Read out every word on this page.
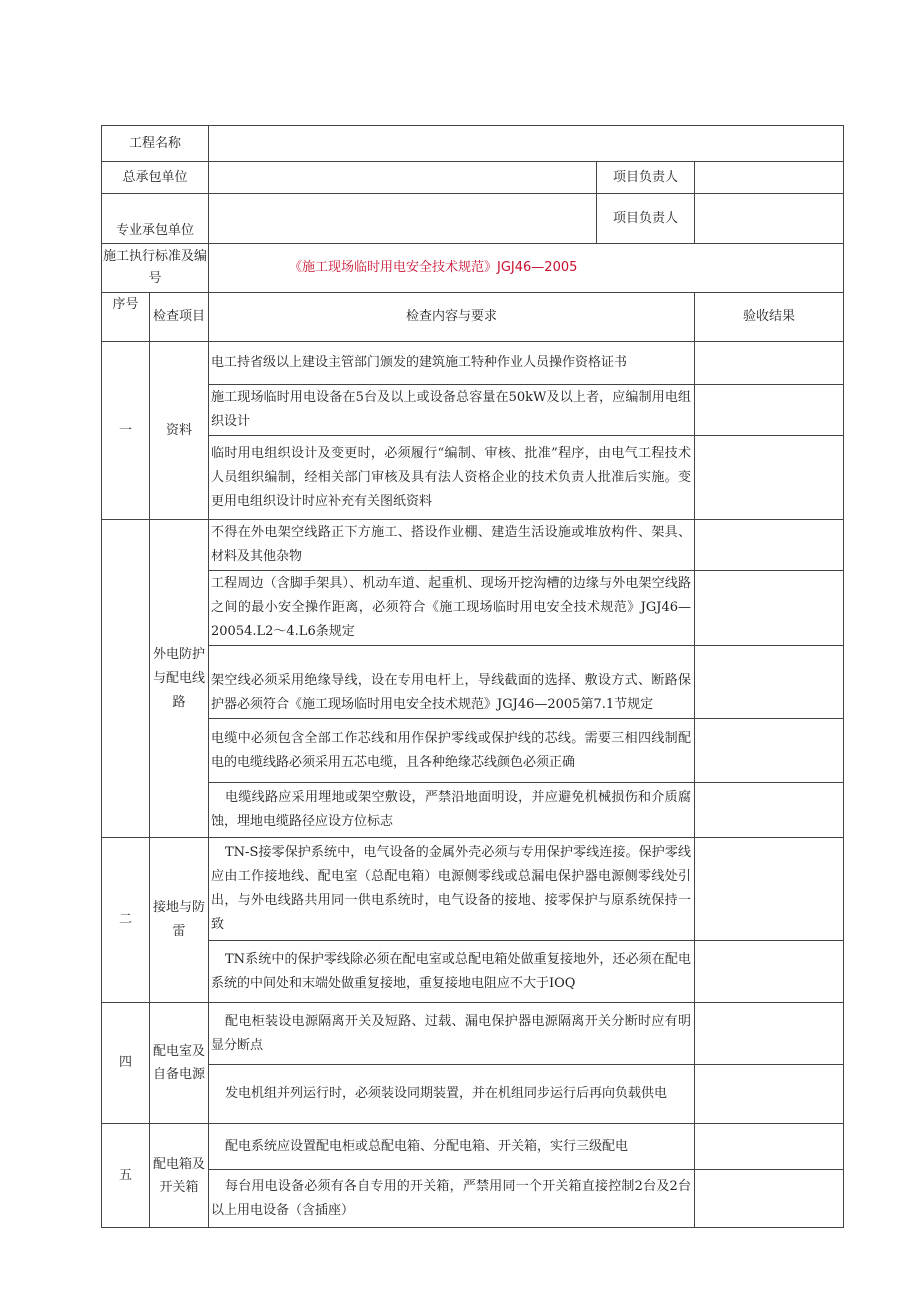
工程名称				
总承包单位			项目负责人	
专业承包单位			项目负责人	
施工执行标准及编号		《施工现场临时用电安全技术规范》JGJ46—2005		
序号	检查项目	检查内容与要求		验收结果
一	资料	电工持省级以上建设主管部门颁发的建筑施工特种作业人员操作资格证书		
		施工现场临时用电设备在5台及以上或设备总容量在50kW及以上者，应编制用电组织设计		
		临时用电组织设计及变更时，必须履行“编制、审核、批准”程序，由电气工程技术人员组织编制，经相关部门审核及具有法人资格企业的技术负责人批准后实施。变更用电组织设计时应补充有关图纸资料		
	外电防护与配电线路	不得在外电架空线路正下方施工、搭设作业棚、建造生活设施或堆放构件、架具、材料及其他杂物		
		工程周边（含脚手架具）、机动车道、起重机、现场开挖沟槽的边缘与外电架空线路之间的最小安全操作距离，必须符合《施工现场临时用电安全技术规范》JGJ46—20054.L2～4.L6条规定		
		架空线必须采用绝缘导线，设在专用电杆上，导线截面的选择、敷设方式、断路保护器必须符合《施工现场临时用电安全技术规范》JGJ46—2005第7.1节规定		
		电缆中必须包含全部工作芯线和用作保护零线或保护线的芯线。需要三相四线制配电的电缆线路必须采用五芯电缆，且各种绝缘芯线颜色必须正确		
		电缆线路应采用埋地或架空敷设，严禁沿地面明设，并应避免机械损伤和介质腐蚀，埋地电缆路径应设方位标志		
二	接地与防雷	TN-S接零保护系统中，电气设备的金属外壳必须与专用保护零线连接。保护零线应由工作接地线、配电室（总配电箱）电源侧零线或总漏电保护器电源侧零线处引出，与外电线路共用同一供电系统时，电气设备的接地、接零保护与原系统保持一致		
		TN系统中的保护零线除必须在配电室或总配电箱处做重复接地外，还必须在配电系统的中间处和末端处做重复接地，重复接地电阻应不大于IOQ		
四	配电室及自备电源	配电柜装设电源隔离开关及短路、过载、漏电保护器电源隔离开关分断时应有明显分断点		
		发电机组并列运行时，必须装设同期装置，并在机组同步运行后再向负载供电		
五	配电箱及开关箱	配电系统应设置配电柜或总配电箱、分配电箱、开关箱，实行三级配电		
		每台用电设备必须有各自专用的开关箱，严禁用同一个开关箱直接控制2台及2台以上用电设备（含插座）		
